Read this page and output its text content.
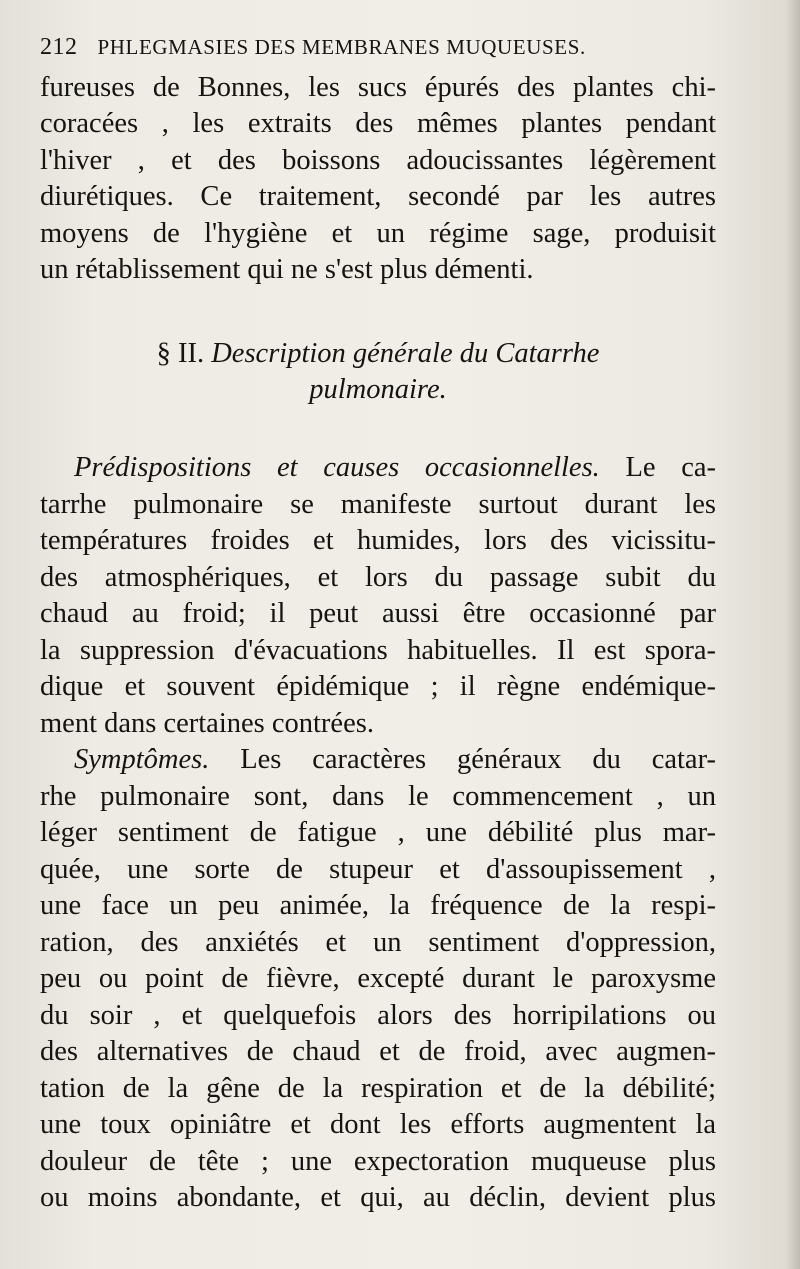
212 PHLEGMASIES DES MEMBRANES MUQUEUSES.
fureuses de Bonnes, les sucs épurés des plantes chi-
coracées , les extraits des mêmes plantes pendant
l'hiver , et des boissons adoucissantes légèrement
diurétiques. Ce traitement, secondé par les autres
moyens de l'hygiène et un régime sage, produisit
un rétablissement qui ne s'est plus démenti.
§ II. Description générale du Catarrhe
pulmonaire.
Prédispositions et causes occasionnelles. Le ca-
tarrhe pulmonaire se manifeste surtout durant les
températures froides et humides, lors des vicissitu-
des atmosphériques, et lors du passage subit du
chaud au froid; il peut aussi être occasionné par
la suppression d'évacuations habituelles. Il est spora-
dique et souvent épidémique ; il règne endémique-
ment dans certaines contrées.
Symptômes. Les caractères généraux du catar-
rhe pulmonaire sont, dans le commencement , un
léger sentiment de fatigue , une débilité plus mar-
quée, une sorte de stupeur et d'assoupissement ,
une face un peu animée, la fréquence de la respi-
ration, des anxiétés et un sentiment d'oppression,
peu ou point de fièvre, excepté durant le paroxysme
du soir , et quelquefois alors des horripilations ou
des alternatives de chaud et de froid, avec augmen-
tation de la gêne de la respiration et de la débilité;
une toux opiniâtre et dont les efforts augmentent la
douleur de tête ; une expectoration muqueuse plus
ou moins abondante, et qui, au déclin, devient plus
